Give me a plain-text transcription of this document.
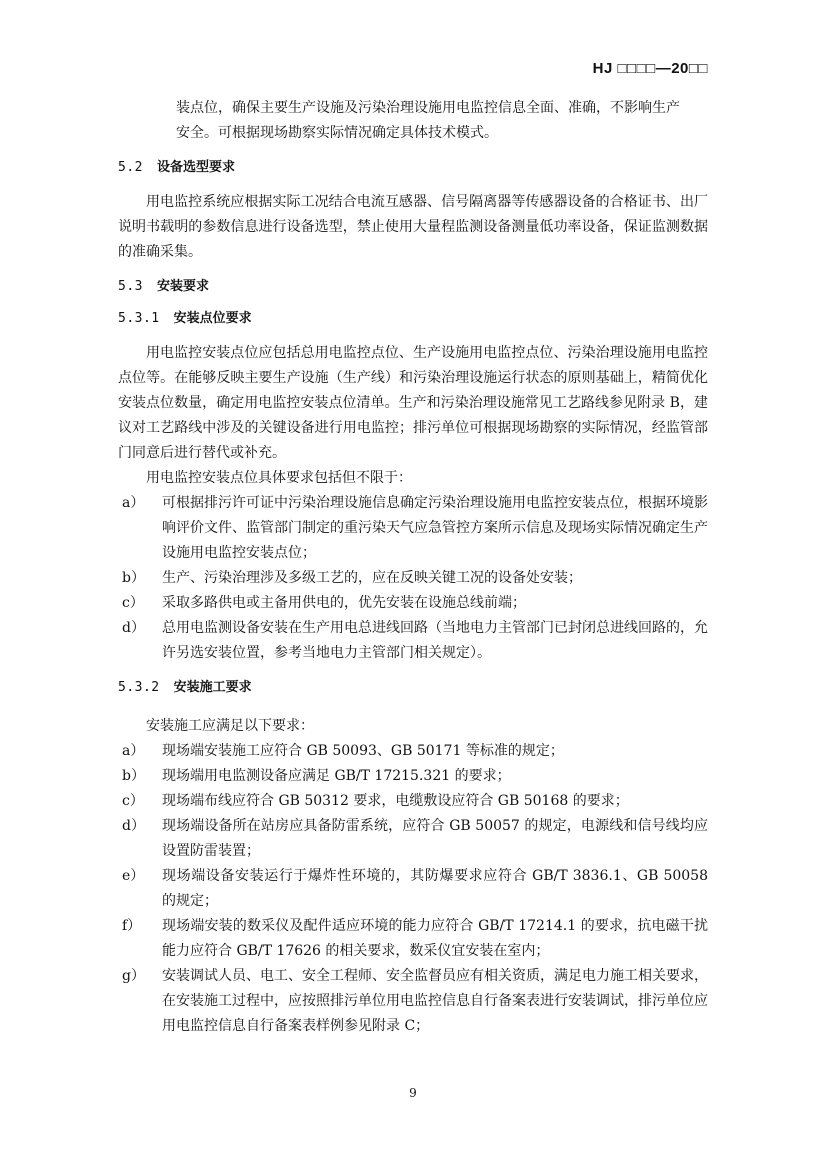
HJ □□□□—20□□

装点位，确保主要生产设施及污染治理设施用电监控信息全面、准确，不影响生产

安全。可根据现场勘察实际情况确定具体技术模式。

5.2 设备选型要求

用电监控系统应根据实际工况结合电流互感器、信号隔离器等传感器设备的合格证书、出厂说明书载明的参数信息进行设备选型，禁止使用大量程监测设备测量低功率设备，保证监测数据的准确采集。

5.3 安装要求
5.3.1 安装点位要求

用电监控安装点位应包括总用电监控点位、生产设施用电监控点位、污染治理设施用电监控点位等。在能够反映主要生产设施（生产线）和污染治理设施运行状态的原则基础上，精简优化安装点位数量，确定用电监控安装点位清单。生产和污染治理设施常见工艺路线参见附录 B，建议对工艺路线中涉及的关键设备进行用电监控；排污单位可根据现场勘察的实际情况，经监管部门同意后进行替代或补充。

用电监控安装点位具体要求包括但不限于：

a）	可根据排污许可证中污染治理设施信息确定污染治理设施用电监控安装点位，根据环境影响评价文件、监管部门制定的重污染天气应急管控方案所示信息及现场实际情况确定生产设施用电监控安装点位；
b）	生产、污染治理涉及多级工艺的，应在反映关键工况的设备处安装；
c）	采取多路供电或主备用供电的，优先安装在设施总线前端；
d）	总用电监测设备安装在生产用电总进线回路（当地电力主管部门已封闭总进线回路的，允许另选安装位置，参考当地电力主管部门相关规定）。
5.3.2 安装施工要求

安装施工应满足以下要求：

a）	现场端安装施工应符合 GB 50093、GB 50171 等标准的规定；
b）	现场端用电监测设备应满足 GB/T 17215.321 的要求；
c）	现场端布线应符合 GB 50312 要求，电缆敷设应符合 GB 50168 的要求；
d）	现场端设备所在站房应具备防雷系统，应符合 GB 50057 的规定，电源线和信号线均应设置防雷装置；
e）	现场端设备安装运行于爆炸性环境的，其防爆要求应符合 GB/T 3836.1、GB 50058 的规定；
f）	现场端安装的数采仪及配件适应环境的能力应符合 GB/T 17214.1 的要求，抗电磁干扰能力应符合 GB/T 17626 的相关要求，数采仪宜安装在室内；
g）	安装调试人员、电工、安全工程师、安全监督员应有相关资质，满足电力施工相关要求，在安装施工过程中，应按照排污单位用电监控信息自行备案表进行安装调试，排污单位应用电监控信息自行备案表样例参见附录 C；
9
